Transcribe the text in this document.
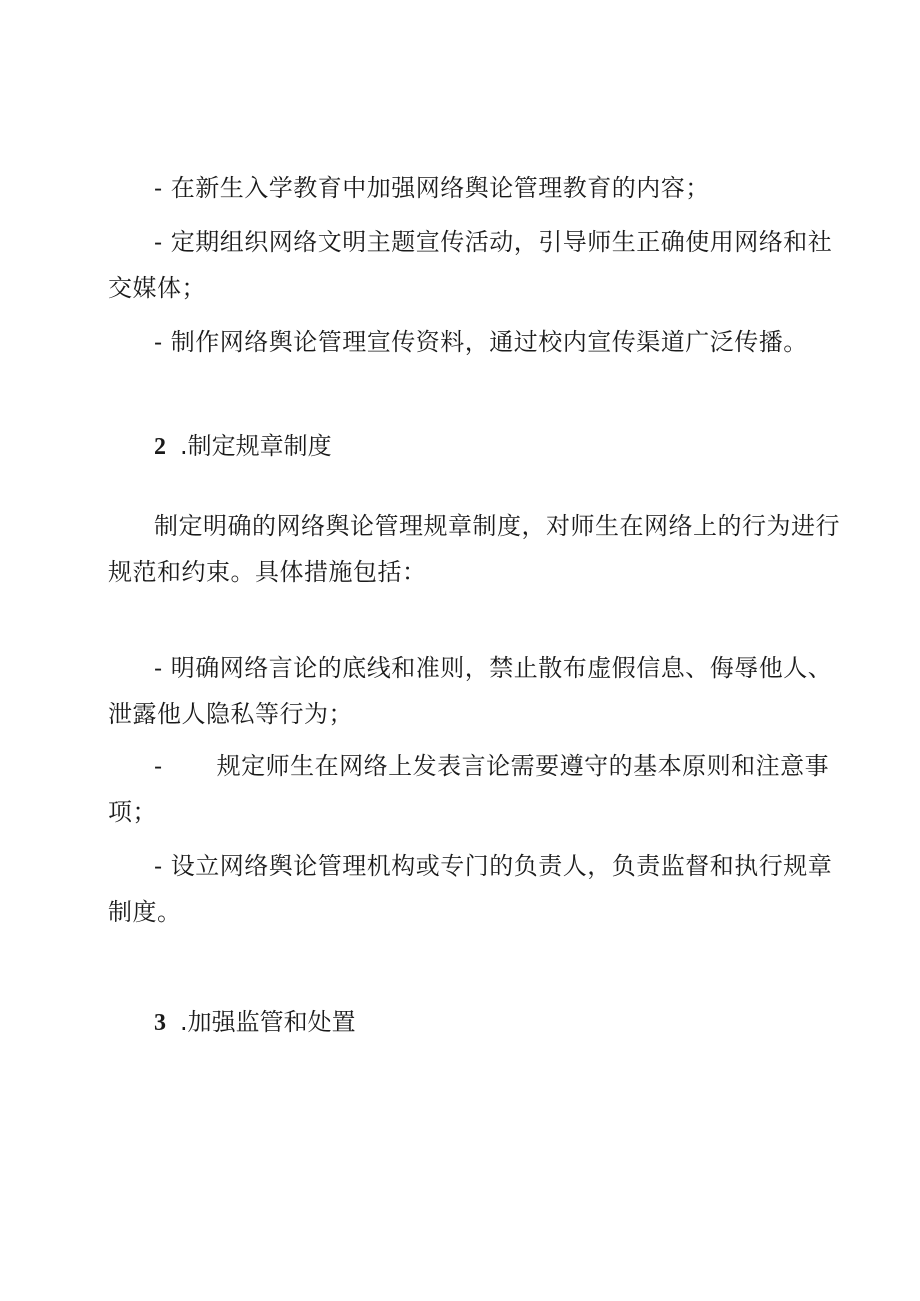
- 在新生入学教育中加强网络舆论管理教育的内容；
- 定期组织网络文明主题宣传活动，引导师生正确使用网络和社
交媒体；
- 制作网络舆论管理宣传资料，通过校内宣传渠道广泛传播。
2 .制定规章制度
制定明确的网络舆论管理规章制度，对师生在网络上的行为进行
规范和约束。具体措施包括：
- 明确网络言论的底线和准则，禁止散布虚假信息、侮辱他人、
泄露他人隐私等行为；
- 规定师生在网络上发表言论需要遵守的基本原则和注意事
项；
- 设立网络舆论管理机构或专门的负责人，负责监督和执行规章
制度。
3 .加强监管和处置
